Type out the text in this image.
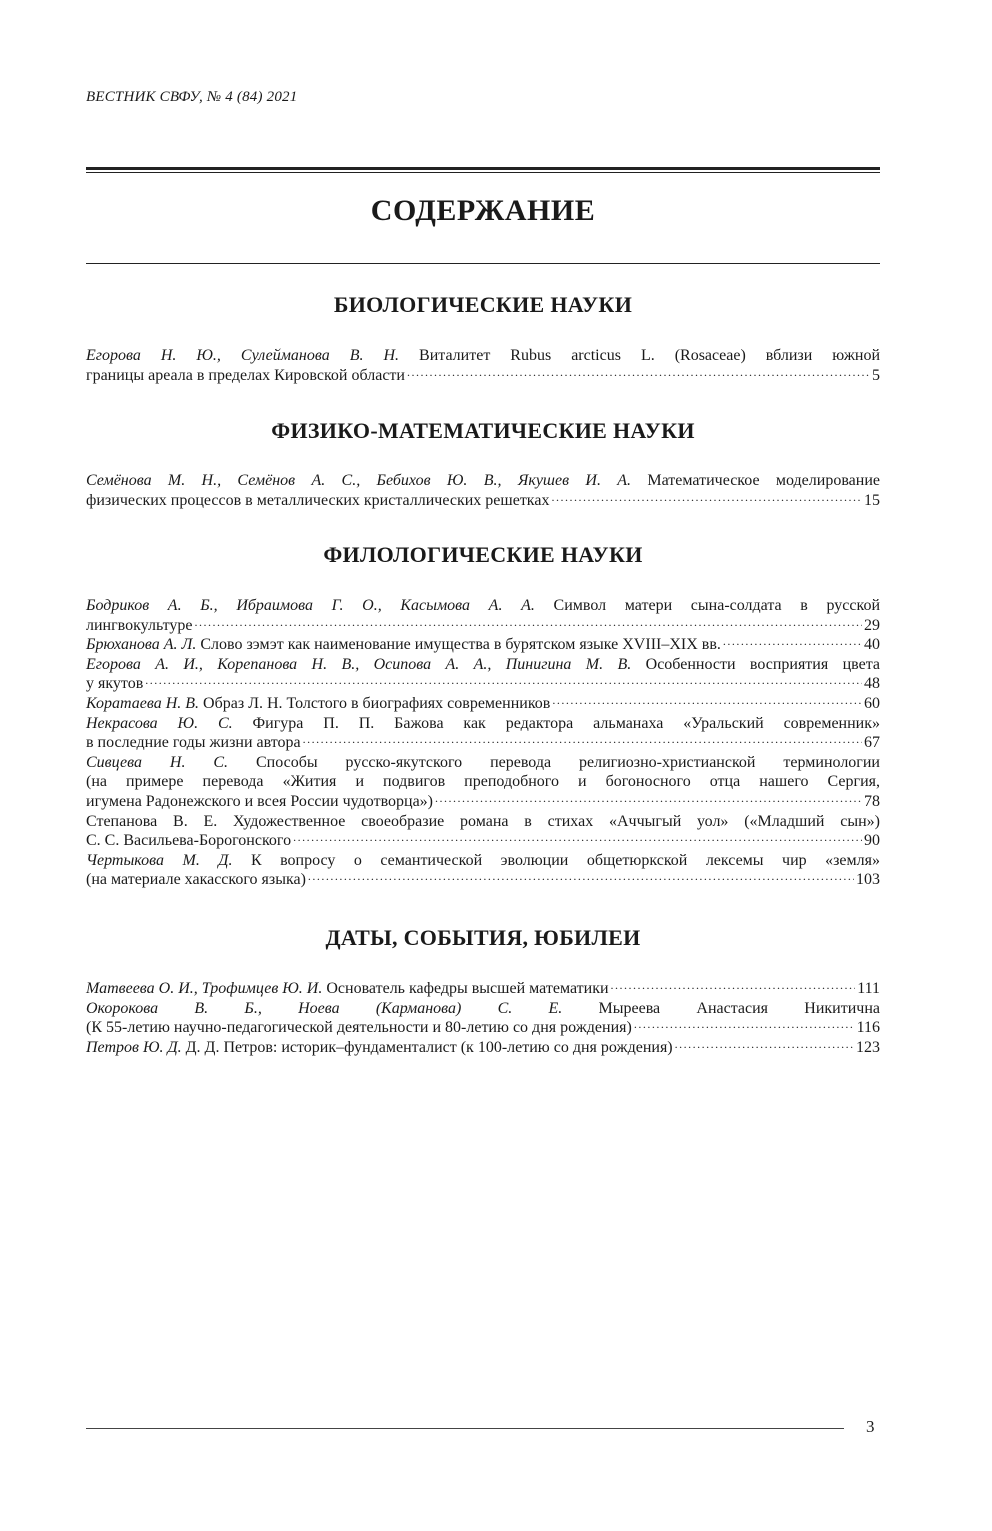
ВЕСТНИК СВФУ, № 4 (84) 2021
СОДЕРЖАНИЕ
БИОЛОГИЧЕСКИЕ НАУКИ
Егорова Н. Ю., Сулейманова В. Н. Виталитет Rubus arcticus L. (Rosaceae) вблизи южной
границы ареала в пределах Кировской области .....	5
ФИЗИКО-МАТЕМАТИЧЕСКИЕ НАУКИ
Семёнова М. Н., Семёнов А. С., Бебихов Ю. В., Якушев И. А. Математическое моделирование
физических процессов в металлических кристаллических решетках .....	15
ФИЛОЛОГИЧЕСКИЕ НАУКИ
Бодриков А. Б., Ибраимова Г. О., Касымова А. А. Символ матери сына-солдата в русской
лингвокультуре .....	29
Брюханова А. Л. Слово зэмэт как наименование имущества в бурятском языке XVIII–XIX вв. .....	40
Егорова А. И., Корепанова Н. В., Осипова А. А., Пинигина М. В. Особенности восприятия цвета
у якутов .....	48
Коратаева Н. В. Образ Л. Н. Толстого в биографиях современников .....	60
Некрасова Ю. С. Фигура П. П. Бажова как редактора альманаха «Уральский современник»
в последние годы жизни автора .....	67
Сивцева Н. С. Способы русско-якутского перевода религиозно-христианской терминологии
(на примере перевода «Жития и подвигов преподобного и богоносного отца нашего Сергия,
игумена Радонежского и всея России чудотворца») .....	78
Степанова В. Е. Художественное своеобразие романа в стихах «Аччыгый уол» («Младший сын»)
С. С. Васильева-Борогонского .....	90
Чертыкова М. Д. К вопросу о семантической эволюции общетюркской лексемы чир «земля»
(на материале хакасского языка) .....	103
ДАТЫ, СОБЫТИЯ, ЮБИЛЕИ
Матвеева О. И., Трофимцев Ю. И. Основатель кафедры высшей математики .....	111
Окорокова В. Б., Ноева (Карманова) С. Е. Мыреева Анастасия Никитична
(К 55-летию научно-педагогической деятельности и 80-летию со дня рождения) .....	116
Петров Ю. Д. Д. Д. Петров: историк–фундаменталист (к 100-летию со дня рождения) .....	123
3
